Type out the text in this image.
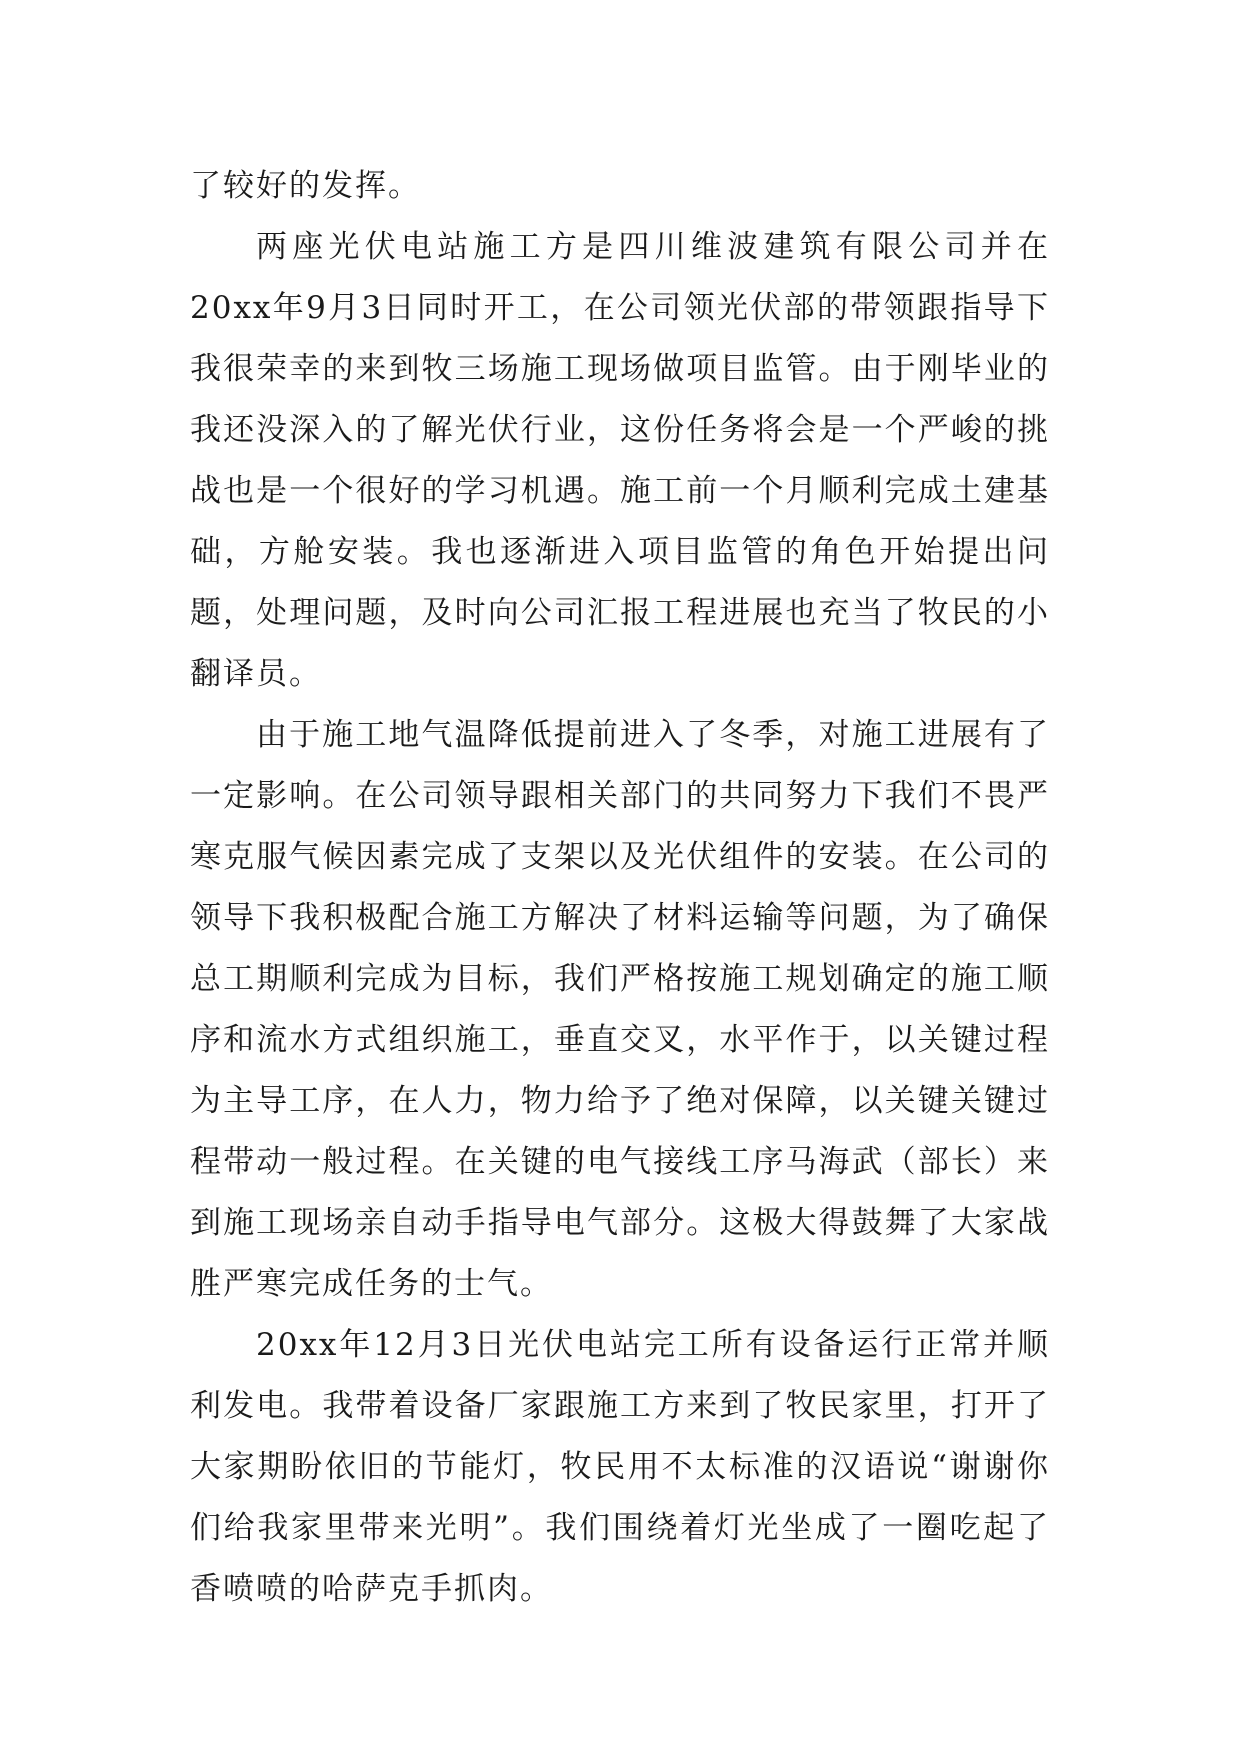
了较好的发挥。

两座光伏电站施工方是四川维波建筑有限公司并在20xx年9月3日同时开工，在公司领光伏部的带领跟指导下我很荣幸的来到牧三场施工现场做项目监管。由于刚毕业的我还没深入的了解光伏行业，这份任务将会是一个严峻的挑战也是一个很好的学习机遇。施工前一个月顺利完成土建基础，方舱安装。我也逐渐进入项目监管的角色开始提出问题，处理问题，及时向公司汇报工程进展也充当了牧民的小翻译员。

由于施工地气温降低提前进入了冬季，对施工进展有了一定影响。在公司领导跟相关部门的共同努力下我们不畏严寒克服气候因素完成了支架以及光伏组件的安装。在公司的领导下我积极配合施工方解决了材料运输等问题，为了确保总工期顺利完成为目标，我们严格按施工规划确定的施工顺序和流水方式组织施工，垂直交叉，水平作于，以关键过程为主导工序，在人力，物力给予了绝对保障，以关键关键过程带动一般过程。在关键的电气接线工序马海武（部长）来到施工现场亲自动手指导电气部分。这极大得鼓舞了大家战胜严寒完成任务的士气。

20xx年12月3日光伏电站完工所有设备运行正常并顺利发电。我带着设备厂家跟施工方来到了牧民家里，打开了大家期盼依旧的节能灯，牧民用不太标准的汉语说“谢谢你们给我家里带来光明”。我们围绕着灯光坐成了一圈吃起了香喷喷的哈萨克手抓肉。
